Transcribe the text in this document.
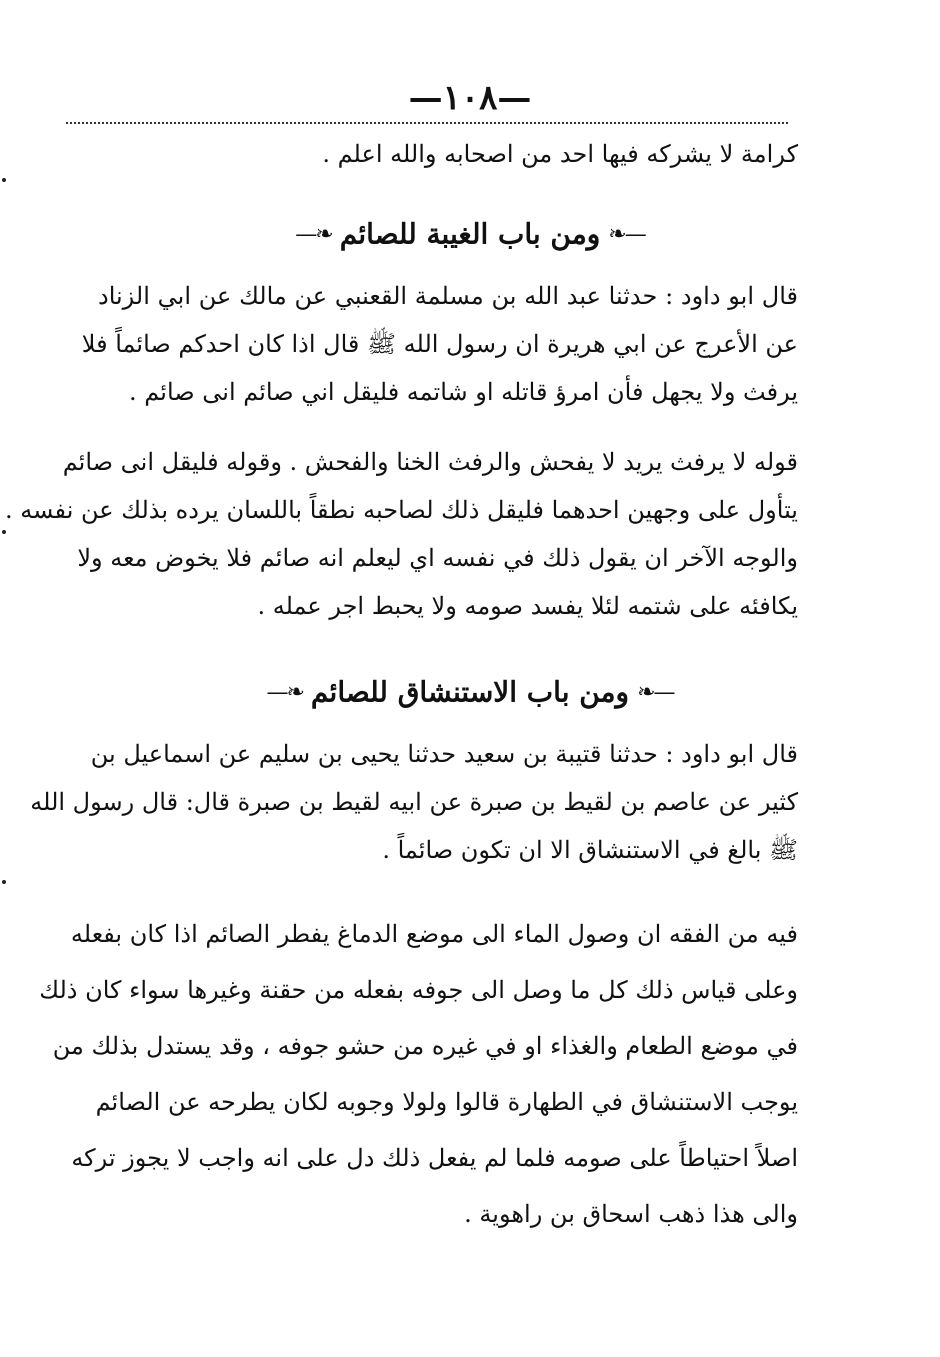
—١٠٨—
كرامة لا يشركه فيها احد من اصحابه والله اعلم .
—❧ومن باب الغيبة للصائم❧—
قال ابو داود : حدثنا عبد الله بن مسلمة القعنبي عن مالك عن ابي الزناد
عن الأعرج عن ابي هريرة ان رسول الله ﷺ قال اذا كان احدكم صائماً فلا
يرفث ولا يجهل فأن امرؤ قاتله او شاتمه فليقل اني صائم انى صائم .
قوله لا يرفث يريد لا يفحش والرفث الخنا والفحش . وقوله فليقل انى صائم
يتأول على وجهين احدهما فليقل ذلك لصاحبه نطقاً باللسان يرده بذلك عن نفسه .
والوجه الآخر ان يقول ذلك في نفسه اي ليعلم انه صائم فلا يخوض معه ولا
يكافئه على شتمه لئلا يفسد صومه ولا يحبط اجر عمله .
—❧ومن باب الاستنشاق للصائم❧—
قال ابو داود : حدثنا قتيبة بن سعيد حدثنا يحيى بن سليم عن اسماعيل بن
كثير عن عاصم بن لقيط بن صبرة عن ابيه لقيط بن صبرة قال: قال رسول الله
ﷺ بالغ في الاستنشاق الا ان تكون صائماً .
فيه من الفقه ان وصول الماء الى موضع الدماغ يفطر الصائم اذا كان بفعله
وعلى قياس ذلك كل ما وصل الى جوفه بفعله من حقنة وغيرها سواء كان ذلك
في موضع الطعام والغذاء او في غيره من حشو جوفه ، وقد يستدل بذلك من
يوجب الاستنشاق في الطهارة قالوا ولولا وجوبه لكان يطرحه عن الصائم
اصلاً احتياطاً على صومه فلما لم يفعل ذلك دل على انه واجب لا يجوز تركه
والى هذا ذهب اسحاق بن راهوية .
